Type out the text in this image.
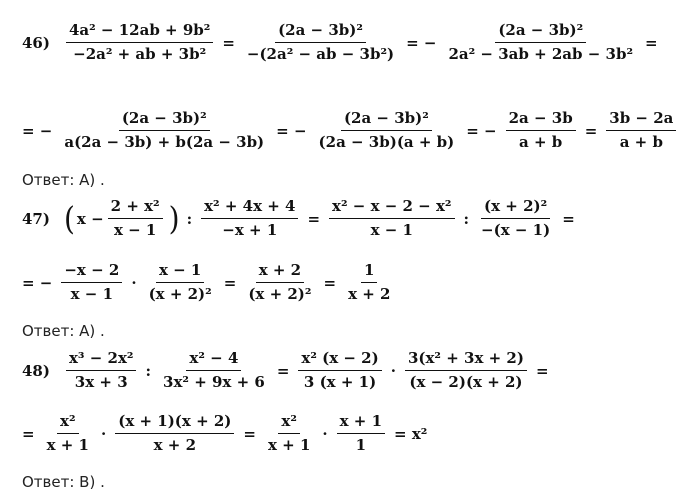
$46) \frac{\text{4a² − 12ab + 9b²}}{\text{−2a² + ab + 3b²}} = \frac{\text{(2a − 3b)²}}{\text{−(2a² − ab − 3b²)}}$ = − $\frac{\text{(2a − 3b)²}}{\text{2a² − 3ab + 2ab − 3b²}}$ =
= − $\frac{\text{(2a − 3b)²}}{a(2a - 3b) + b(2a - 3b)}$ = − $\frac{\text{(2a − 3b)²}}{(2a - 3b)(a + b)}$ = − $\frac{2a - 3b}{a + b} = \frac{3b - 2a}{a + b}$
Ответ: А) .
47) ( $x - \frac{\text{2 + x²}}{x - 1}$ ) : $\frac{\text{x² + 4x + 4}}{-x + 1} = \frac{\text{x² − x − 2 − x²}}{x - 1}$ : $\frac{\text{(x + 2)²}}{-(x - 1)}$ =
= − $\frac{-x - 2}{x - 1} \cdot \frac{x - 1}{\text{(x + 2)²}} = \frac{x + 2}{\text{(x + 2)²}} = \frac{1}{x + 2}$
Ответ: А) .
$48) \frac{\text{x³ − 2x²}}{3x + 3}$ : $\frac{\text{x² − 4}}{\text{3x² + 9x + 6}} = \frac{\text{x² (x − 2)}}{3 (x + 1)} \cdot \frac{\text{3(x² + 3x + 2)}}{(x - 2)(x + 2)}$ =
= $\frac{\text{x²}}{x + 1} \cdot \frac{(x + 1)(x + 2)}{x + 2} = \frac{\text{x²}}{x + 1} \cdot \frac{x + 1}{1} = x^2$
Ответ: В) .
